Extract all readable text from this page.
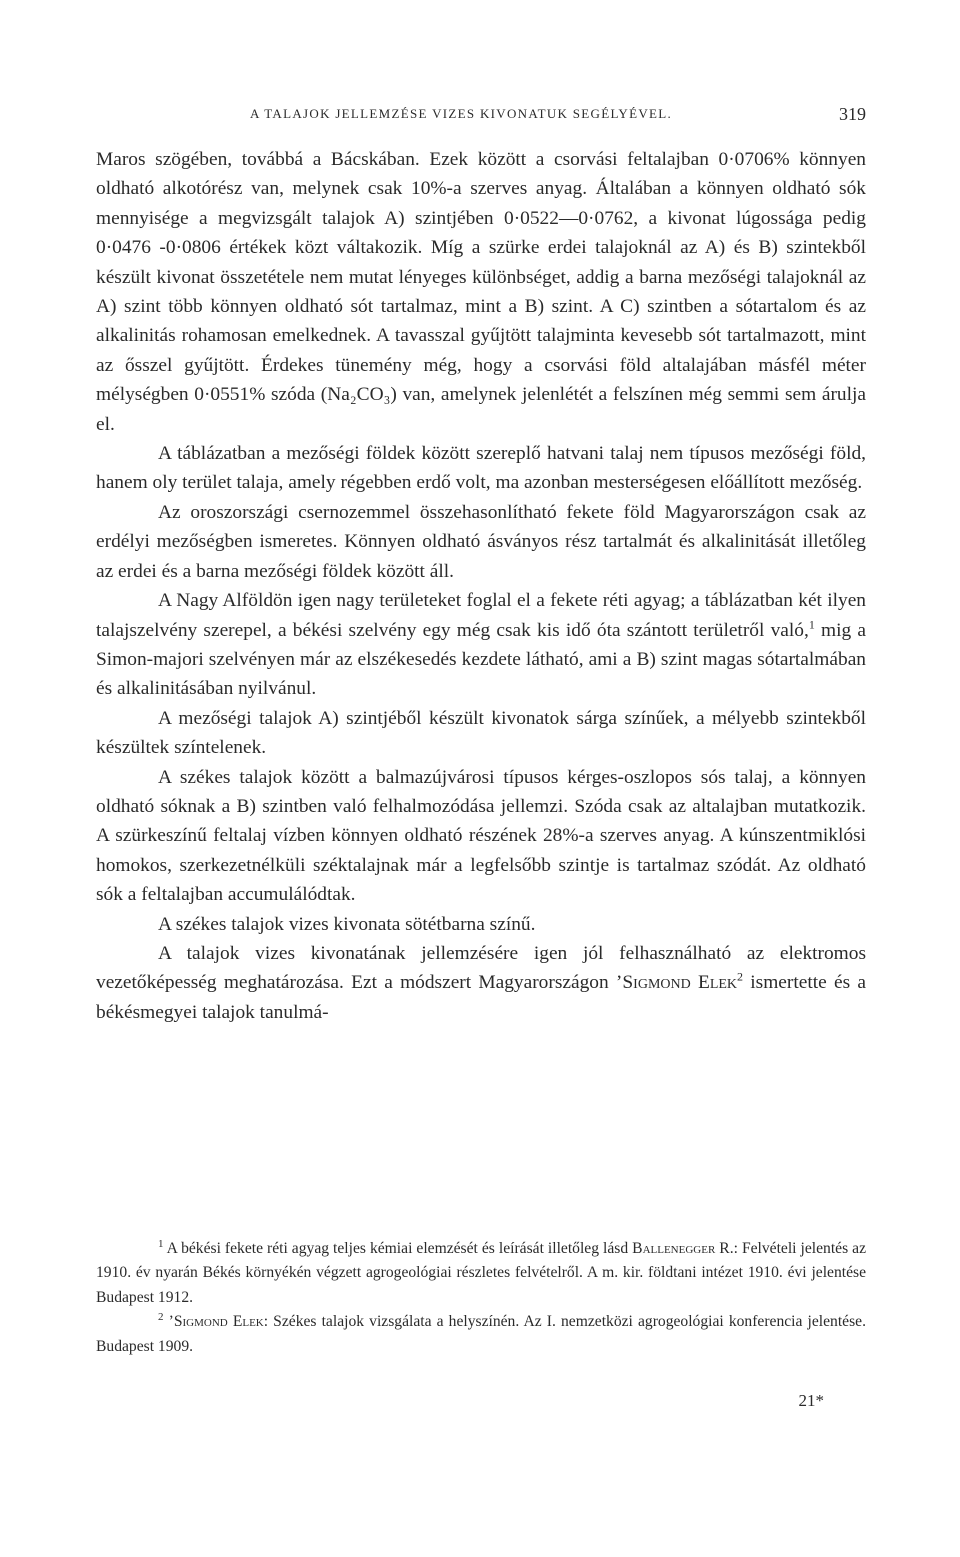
A TALAJOK JELLEMZÉSE VIZES KIVONATUK SEGÉLYÉVEL.	319

Maros szögében, továbbá a Bácskában. Ezek között a csorvási feltalajban 0·0706% könnyen oldható alkotórész van, melynek csak 10%-a szerves anyag. Általában a könnyen oldható sók mennyisége a megvizsgált talajok A) szintjében 0·0522—0·0762, a kivonat lúgossága pedig 0·0476 -0·0806 értékek közt váltakozik. Míg a szürke erdei talajoknál az A) és B) szintekből készült kivonat összetétele nem mutat lényeges különbséget, addig a barna mezőségi talajoknál az A) szint több könnyen oldható sót tartalmaz, mint a B) szint. A C) szintben a sótartalom és az alkalinitás rohamosan emelkednek. A tavasszal gyűjtött talajminta kevesebb sót tartalmazott, mint az ősszel gyűjtött. Érdekes tünemény még, hogy a csorvási föld altalajában másfél méter mélységben 0·0551% szóda (Na₂CO₃) van, amelynek jelenlétét a felszínen még semmi sem árulja el.

A táblázatban a mezőségi földek között szereplő hatvani talaj nem típusos mezőségi föld, hanem oly terület talaja, amely régebben erdő volt, ma azonban mesterségesen előállított mezőség.

Az oroszországi csernozemmel összehasonlítható fekete föld Magyarországon csak az erdélyi mezőségben ismeretes. Könnyen oldható ásványos rész tartalmát és alkalinitását illetőleg az erdei és a barna mezőségi földek között áll.

A Nagy Alföldön igen nagy területeket foglal el a fekete réti agyag; a táblázatban két ilyen talajszelvény szerepel, a békési szelvény egy még csak kis idő óta szántott területről való,$^1$ mig a Simon-majori szelvényen már az elszékesedés kezdete látható, ami a B) szint magas sótartalmában és alkalinitásában nyilvánul.

A mezőségi talajok A) szintjéből készült kivonatok sárga színűek, a mélyebb szintekből készültek színtelenek.

A székes talajok között a balmazújvárosi típusos kérges-oszlopos sós talaj, a könnyen oldható sóknak a B) szintben való felhalmozódása jellemzi. Szóda csak az altalajban mutatkozik. A szürkeszínű feltalaj vízben könnyen oldható részének 28%-a szerves anyag. A kúnszentmiklósi homokos, szerkezetnélküli széktalajnak már a legfelsőbb szintje is tartalmaz szódát. Az oldható sók a feltalajban accumulálódtak.

A székes talajok vizes kivonata sötétbarna színű.

A talajok vizes kivonatának jellemzésére igen jól felhasználható az elektromos vezetőképesség meghatározása. Ezt a módszert Magyarországon ’Sigmond Elek$^2$ ismertette és a békésmegyei talajok tanulmá-

$^1$ A békési fekete réti agyag teljes kémiai elemzését és leírását illetőleg lásd Ballenegger R.: Felvételi jelentés az 1910. év nyarán Békés környékén végzett agrogeológiai részletes felvételről. A m. kir. földtani intézet 1910. évi jelentése Budapest 1912.

$^2$ ’Sigmond Elek: Székes talajok vizsgálata a helyszínén. Az I. nemzetközi agrogeológiai konferencia jelentése. Budapest 1909.

21*
